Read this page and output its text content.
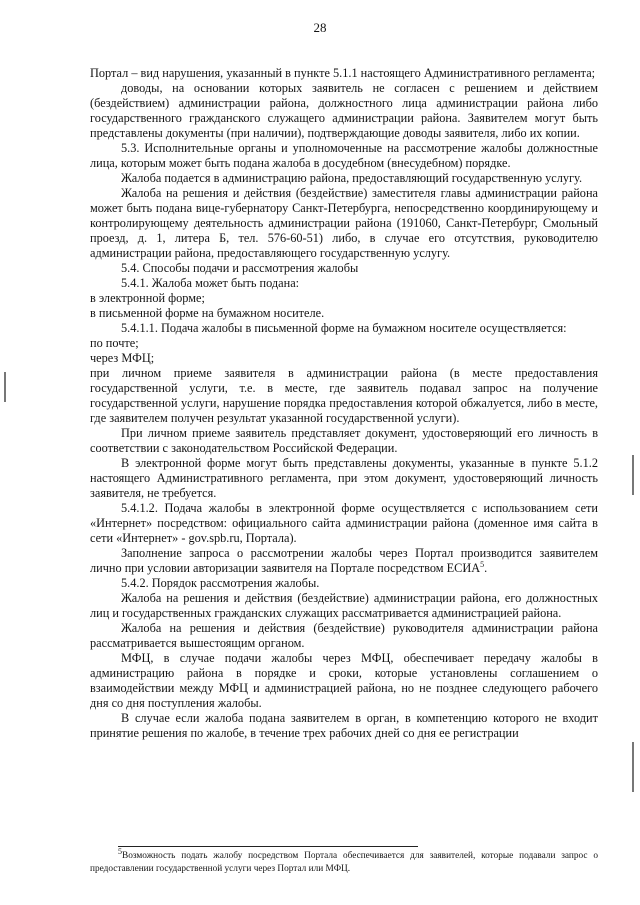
28

Портал – вид нарушения, указанный в пункте 5.1.1 настоящего Административного регламента;

доводы, на основании которых заявитель не согласен с решением и действием (бездействием) администрации района, должностного лица администрации района либо государственного гражданского служащего администрации района. Заявителем могут быть представлены документы (при наличии), подтверждающие доводы заявителя, либо их копии.

5.3. Исполнительные органы и уполномоченные на рассмотрение жалобы должностные лица, которым может быть подана жалоба в досудебном (внесудебном) порядке.

Жалоба подается в администрацию района, предоставляющий государственную услугу.

Жалоба на решения и действия (бездействие) заместителя главы администрации района может быть подана вице-губернатору Санкт-Петербурга, непосредственно координирующему и контролирующему деятельность администрации района (191060, Санкт-Петербург, Смольный проезд, д. 1, литера Б, тел. 576-60-51) либо, в случае его отсутствия, руководителю администрации района, предоставляющего государственную услугу.

5.4. Способы подачи и рассмотрения жалобы

5.4.1. Жалоба может быть подана:

в электронной форме;

в письменной форме на бумажном носителе.

5.4.1.1. Подача жалобы в письменной форме на бумажном носителе осуществляется:

по почте;

через МФЦ;

при личном приеме заявителя в администрации района (в месте предоставления государственной услуги, т.е. в месте, где заявитель подавал запрос на получение государственной услуги, нарушение порядка предоставления которой обжалуется, либо в месте, где заявителем получен результат указанной государственной услуги).

При личном приеме заявитель представляет документ, удостоверяющий его личность в соответствии с законодательством Российской Федерации.

В электронной форме могут быть представлены документы, указанные в пункте 5.1.2 настоящего Административного регламента, при этом документ, удостоверяющий личность заявителя, не требуется.

5.4.1.2. Подача жалобы в электронной форме осуществляется с использованием сети «Интернет» посредством: официального сайта администрации района (доменное имя сайта в сети «Интернет» - gov.spb.ru, Портала).

Заполнение запроса о рассмотрении жалобы через Портал производится заявителем лично при условии авторизации заявителя на Портале посредством ЕСИА$^5$.

5.4.2. Порядок рассмотрения жалобы.

Жалоба на решения и действия (бездействие) администрации района, его должностных лиц и государственных гражданских служащих рассматривается администрацией района.

Жалоба на решения и действия (бездействие) руководителя администрации района рассматривается вышестоящим органом.

МФЦ, в случае подачи жалобы через МФЦ, обеспечивает передачу жалобы в администрацию района в порядке и сроки, которые установлены соглашением о взаимодействии между МФЦ и администрацией района, но не позднее следующего рабочего дня со дня поступления жалобы.

В случае если жалоба подана заявителем в орган, в компетенцию которого не входит принятие решения по жалобе, в течение трех рабочих дней со дня ее регистрации

$^5$Возможность подать жалобу посредством Портала обеспечивается для заявителей, которые подавали запрос о предоставлении государственной услуги через Портал или МФЦ.
